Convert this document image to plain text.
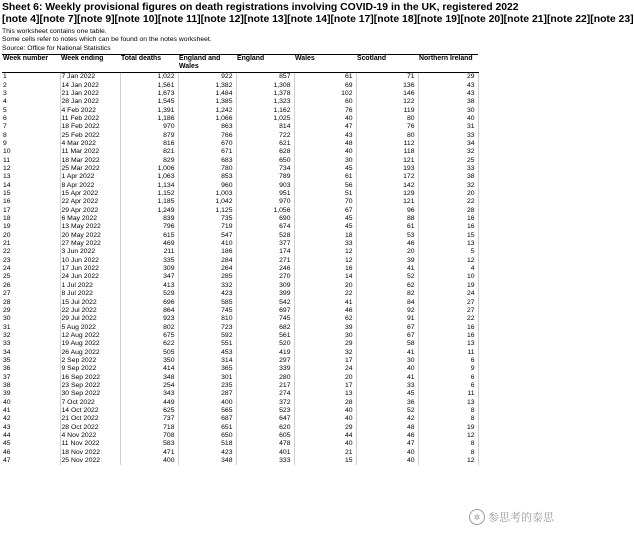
Sheet 6: Weekly provisional figures on death registrations involving COVID-19 in the UK, registered 2022
[note 4][note 7][note 9][note 10][note 11][note 12][note 13][note 14][note 17][note 18][note 19][note 20][note 21][note 22][note 23]
This worksheet contains one table.
Some cells refer to notes which can be found on the notes worksheet.
Source: Office for National Statistics
Week number	Week ending	Total deaths	England and Wales	England	Wales	Scotland	Northern Ireland
1	7 Jan 2022	1,022	922	857	61	71	29
2	14 Jan 2022	1,561	1,382	1,308	69	136	43
3	21 Jan 2022	1,673	1,484	1,378	102	146	43
4	28 Jan 2022	1,545	1,385	1,323	60	122	38
5	4 Feb 2022	1,391	1,242	1,162	76	119	30
6	11 Feb 2022	1,186	1,066	1,025	40	80	40
7	18 Feb 2022	970	863	814	47	76	31
8	25 Feb 2022	879	766	722	43	80	33
9	4 Mar 2022	816	670	621	48	112	34
10	11 Mar 2022	821	671	628	40	118	32
11	18 Mar 2022	829	683	650	30	121	25
12	25 Mar 2022	1,006	780	734	45	193	33
13	1 Apr 2022	1,063	853	789	61	172	38
14	8 Apr 2022	1,134	960	903	56	142	32
15	15 Apr 2022	1,152	1,003	951	51	129	20
16	22 Apr 2022	1,185	1,042	970	70	121	22
17	29 Apr 2022	1,249	1,125	1,056	67	96	28
18	6 May 2022	839	735	690	45	88	16
19	13 May 2022	796	719	674	45	61	16
20	20 May 2022	615	547	528	18	53	15
21	27 May 2022	469	410	377	33	46	13
22	3 Jun 2022	211	186	174	12	20	5
23	10 Jun 2022	335	284	271	12	39	12
24	17 Jun 2022	309	264	246	16	41	4
25	24 Jun 2022	347	285	270	14	52	10
26	1 Jul 2022	413	332	309	20	62	19
27	8 Jul 2022	529	423	399	22	82	24
28	15 Jul 2022	696	585	542	41	84	27
29	22 Jul 2022	864	745	697	46	92	27
30	29 Jul 2022	923	810	745	62	91	22
31	5 Aug 2022	802	723	682	39	67	16
32	12 Aug 2022	675	592	561	30	67	16
33	19 Aug 2022	622	551	520	29	58	13
34	26 Aug 2022	505	453	419	32	41	11
35	2 Sep 2022	350	314	297	17	30	6
36	9 Sep 2022	414	365	339	24	40	9
37	16 Sep 2022	348	301	280	20	41	6
38	23 Sep 2022	254	235	217	17	33	6
39	30 Sep 2022	343	287	274	13	45	11
40	7 Oct 2022	449	400	372	28	36	13
41	14 Oct 2022	625	565	523	40	52	8
42	21 Oct 2022	737	687	647	40	42	8
43	28 Oct 2022	718	651	620	29	48	19
44	4 Nov 2022	708	650	605	44	46	12
45	11 Nov 2022	583	518	478	40	47	8
46	18 Nov 2022	471	423	401	21	40	8
47	25 Nov 2022	400	348	333	15	40	12
✲ 参思考的泰思
